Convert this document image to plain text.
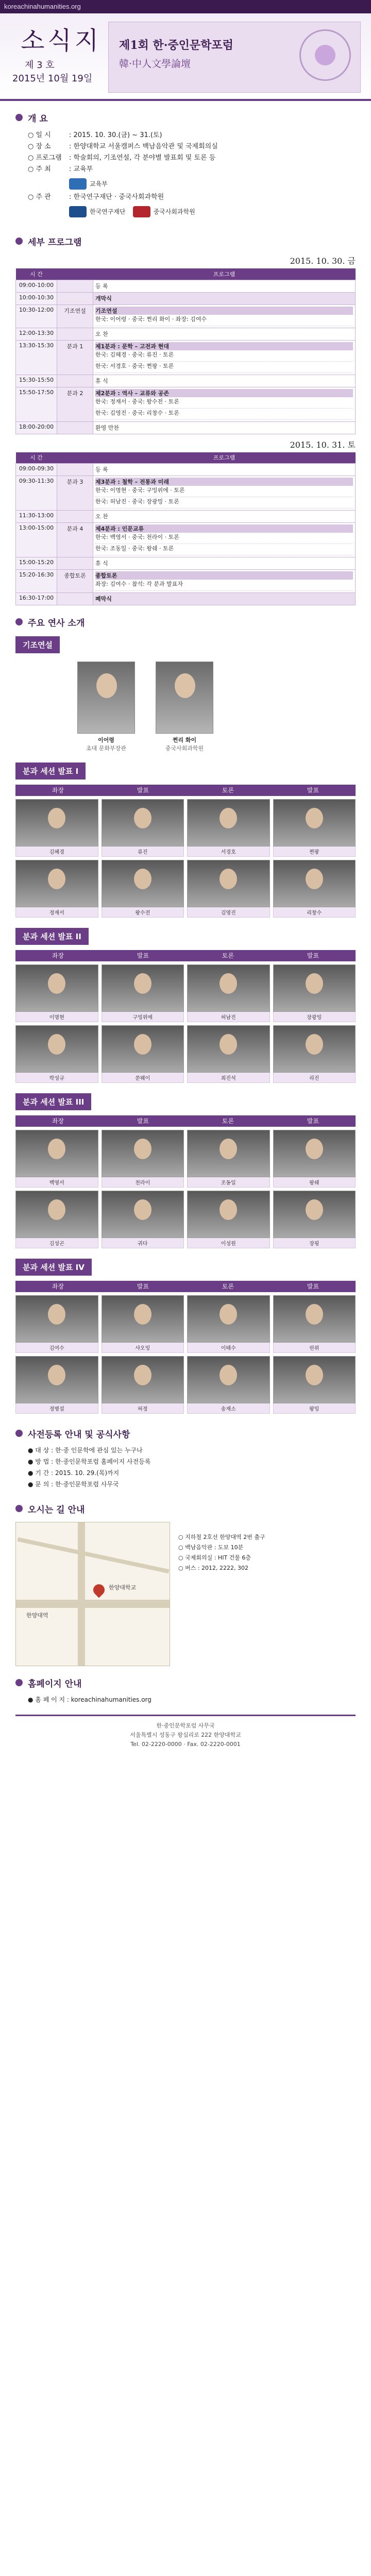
koreachinahumanities.org
소식지
제 3 호
2015년 10월 19일
제1회 한·중인문학포럼
韓·中人文學論壇
개 요
○ 일 시	: 2015. 10. 30.(금) ~ 31.(토)
○ 장 소	: 한양대학교 서울캠퍼스 백남음악관 및 국제회의실
○ 프로그램	: 학술회의, 기조연설, 각 분야별 발표회 및 토론 등
○ 주 최	: 교육부
교육부
○ 주 관	: 한국연구재단 · 중국사회과학원
한국연구재단	중국사회과학원
세부 프로그램
2015. 10. 30. 금
시 간		프로그램
09:00-10:00		등 록

10:00-10:30		개막식

10:30-12:00	기조연설	기조연설
한국: 이어령 · 중국: 쩐리 화이 · 좌장: 김여수

12:00-13:30		오 찬

13:30-15:30	분과 1	제1분과 : 문학 – 고전과 현대
한국: 김혜경 · 중국: 류진 · 토론
한국: 서경호 · 중국: 쩐팡 · 토론

15:30-15:50		휴 식

15:50-17:50	분과 2	제2분과 : 역사 – 교류와 공존
한국: 정재서 · 중국: 왕수전 · 토론
한국: 김영진 · 중국: 리창수 · 토론

18:00-20:00		환영 만찬
2015. 10. 31. 토
시 간		프로그램
09:00-09:30		등 록

09:30-11:30	분과 3	제3분과 : 철학 – 전통과 미래
한국: 이명현 · 중국: 구밍위에 · 토론
한국: 허남진 · 중국: 장광밍 · 토론

11:30-13:00		오 찬

13:00-15:00	분과 4	제4분과 : 인문교류
한국: 백영서 · 중국: 천라이 · 토론
한국: 조동일 · 중국: 왕쉐 · 토론

15:00-15:20		휴 식

15:20-16:30	종합토론	종합토론
좌장: 김여수 · 참석: 각 분과 발표자

16:30-17:00		폐막식
주요 연사 소개
기조연설
이어령
초대 문화부장관
쩐리 화이
중국사회과학원
분과 세션 발표 I
좌장	발표	토론	발표
김혜경	류진	서경호	쩐팡
정재서	왕수전	김영진	리창수
분과 세션 발표 II
좌장	발표	토론	발표
이명현	구밍위에	허남진	장광밍
박성규	쑨웨이	최진석	리진
분과 세션 발표 III
좌장	발표	토론	발표
백영서	천라이	조동일	왕쉐
김성곤	궈다	이성원	장핑
분과 세션 발표 IV
좌장	발표	토론	발표
김여수	샤오밍	이태수	린위
정병설	허정	송재소	왕밍
사전등록 안내 및 공식사항
● 대 상 : 한·중 인문학에 관심 있는 누구나
● 방 법 : 한·중인문학포럼 홈페이지 사전등록
● 기 간 : 2015. 10. 29.(목)까지
● 문 의 : 한·중인문학포럼 사무국
오시는 길 안내
한양대학교
한양대역
○ 지하철 2호선 한양대역 2번 출구
○ 백남음악관 : 도보 10분
○ 국제회의실 : HIT 건물 6층
○ 버스 : 2012, 2222, 302
홈페이지 안내
● 홈 페 이 지 : koreachinahumanities.org
한·중인문학포럼 사무국
서울특별시 성동구 왕십리로 222 한양대학교
Tel. 02-2220-0000 · Fax. 02-2220-0001
